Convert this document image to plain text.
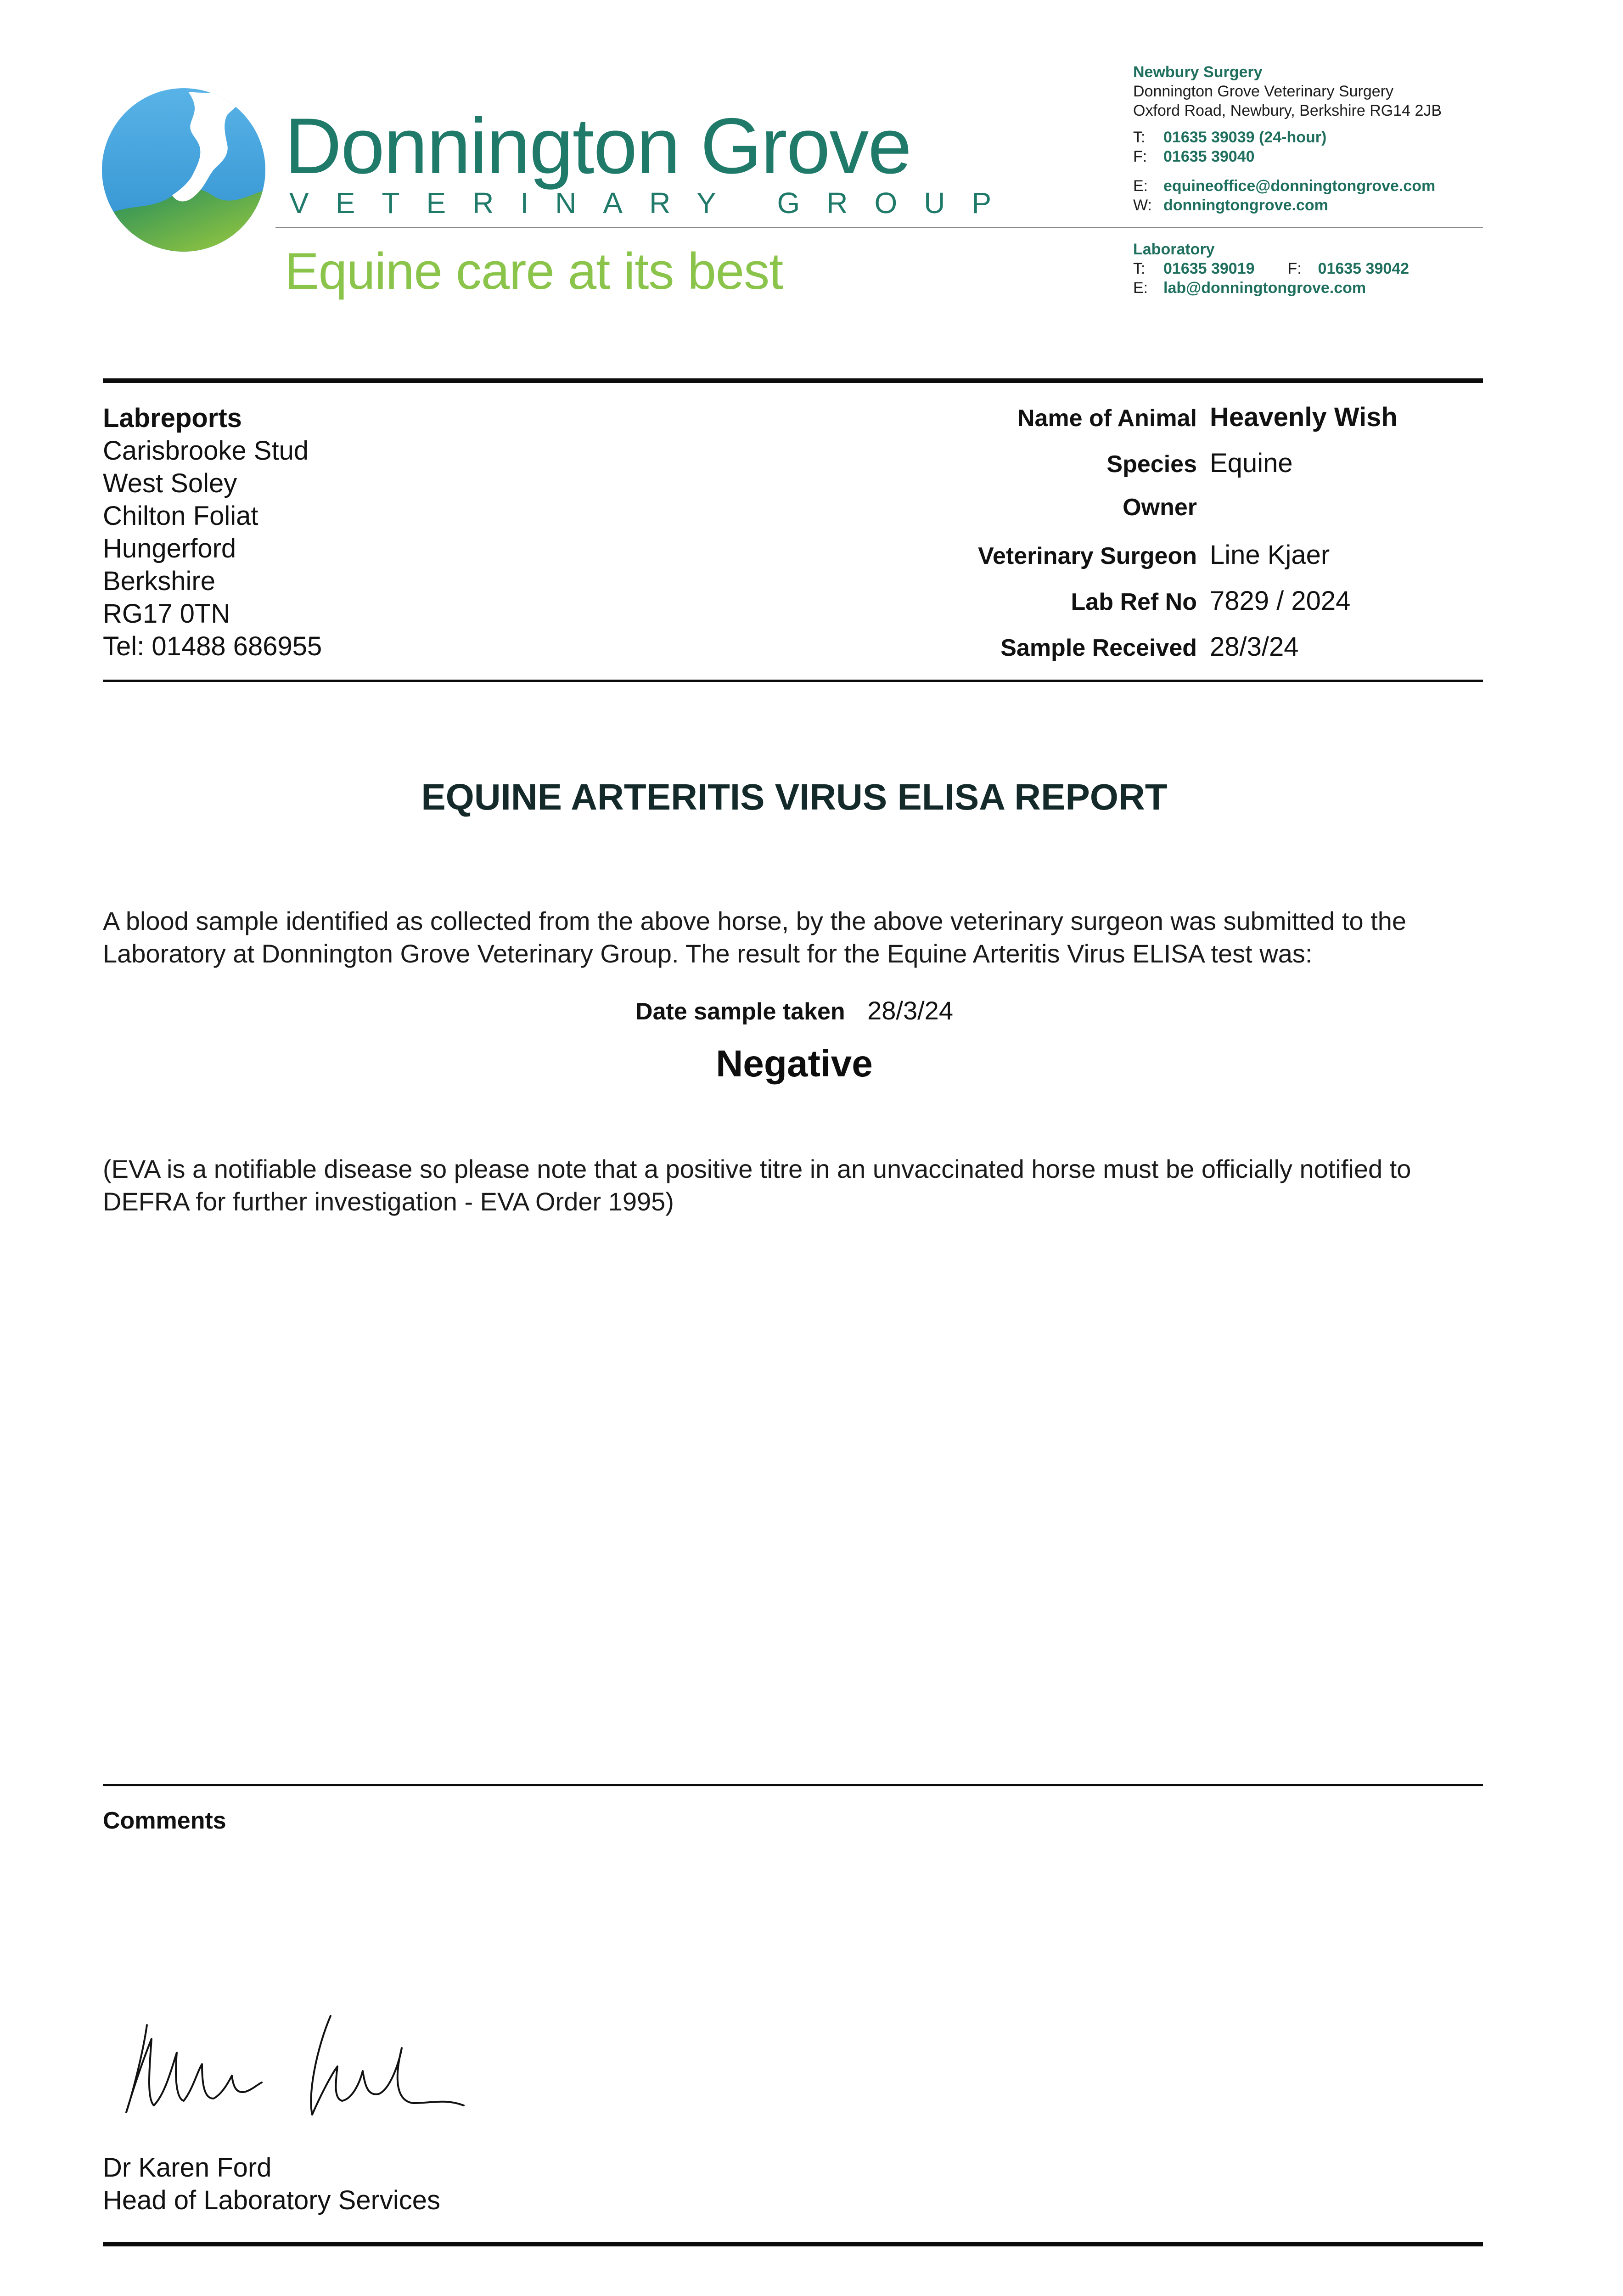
Donnington Grove
VETERINARY GROUP
Equine care at its best
Newbury Surgery
Donnington Grove Veterinary Surgery
Oxford Road, Newbury, Berkshire RG14 2JB
T:	01635 39039 (24-hour)
F:	01635 39040
E: equineoffice@donningtongrove.com
W: donningtongrove.com
Laboratory
T:	01635 39019 F:	01635 39042
E: lab@donningtongrove.com
Labreports
Carisbrooke Stud
West Soley
Chilton Foliat
Hungerford
Berkshire
RG17 0TN
Tel: 01488 686955
Name of Animal Heavenly Wish
Species Equine
Owner
Veterinary Surgeon Line Kjaer
Lab Ref No 7829 / 2024
Sample Received 28/3/24
EQUINE ARTERITIS VIRUS ELISA REPORT
A blood sample identified as collected from the above horse, by the above veterinary surgeon was submitted to the Laboratory at Donnington Grove Veterinary Group. The result for the Equine Arteritis Virus ELISA test was:
Date sample taken 28/3/24
Negative
(EVA is a notifiable disease so please note that a positive titre in an unvaccinated horse must be officially notified to DEFRA for further investigation - EVA Order 1995)
Comments
Dr Karen Ford
Head of Laboratory Services
